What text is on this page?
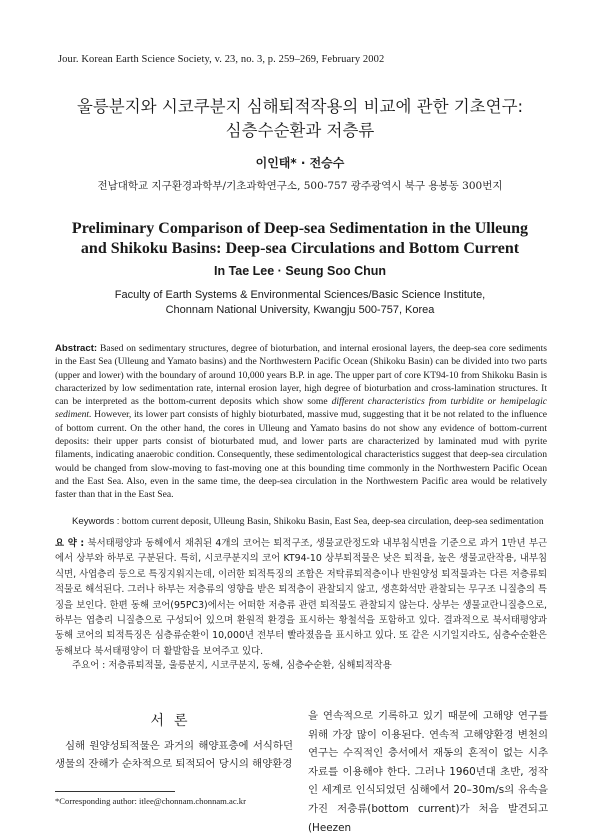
Jour. Korean Earth Science Society, v. 23, no. 3, p. 259–269, February 2002
울릉분지와 시코쿠분지 심해퇴적작용의 비교에 관한 기초연구:
심층수순환과 저층류
이인태* · 전승수
전남대학교 지구환경과학부/기초과학연구소, 500-757 광주광역시 북구 용봉동 300번지
Preliminary Comparison of Deep-sea Sedimentation in the Ulleung
and Shikoku Basins: Deep-sea Circulations and Bottom Current
In Tae Lee · Seung Soo Chun
Faculty of Earth Systems & Environmental Sciences/Basic Science Institute,
Chonnam National University, Kwangju 500-757, Korea
Abstract: Based on sedimentary structures, degree of bioturbation, and internal erosional layers, the deep-sea core sediments in the East Sea (Ulleung and Yamato basins) and the Northwestern Pacific Ocean (Shikoku Basin) can be divided into two parts (upper and lower) with the boundary of around 10,000 years B.P. in age. The upper part of core KT94-10 from Shikoku Basin is characterized by low sedimentation rate, internal erosion layer, high degree of bioturbation and cross-lamination structures. It can be interpreted as the bottom-current deposits which show some different characteristics from turbidite or hemipelagic sediment. However, its lower part consists of highly bioturbated, massive mud, suggesting that it be not related to the influence of bottom current. On the other hand, the cores in Ulleung and Yamato basins do not show any evidence of bottom-current deposits: their upper parts consist of bioturbated mud, and lower parts are characterized by laminated mud with pyrite filaments, indicating anaerobic condition. Consequently, these sedimentological characteristics suggest that deep-sea circulation would be changed from slow-moving to fast-moving one at this bounding time commonly in the Northwestern Pacific Ocean and the East Sea. Also, even in the same time, the deep-sea circulation in the Northwestern Pacific area would be relatively faster than that in the East Sea.
Keywords : bottom current deposit, Ulleung Basin, Shikoku Basin, East Sea, deep-sea circulation, deep-sea sedimentation
요 약 : 북서태평양과 동해에서 채취된 4개의 코어는 퇴적구조, 생물교란정도와 내부침식면을 기준으로 과거 1만년 부근에서 상부와 하부로 구분된다. 특히, 시코쿠분지의 코어 KT94-10 상부퇴적물은 낮은 퇴적율, 높은 생물교란작용, 내부침식면, 사엽층리 등으로 특징지워지는데, 이러한 퇴적특징의 조합은 저탁류퇴적층이나 반원양성 퇴적물과는 다른 저층류퇴적물로 해석된다. 그러나 하부는 저층류의 영향을 받은 퇴적층이 관찰되지 않고, 생흔화석만 관찰되는 무구조 니질층의 특징을 보인다. 한편 동해 코어(95PC3)에서는 어떠한 저층류 관련 퇴적물도 관찰되지 않는다. 상부는 생물교란니질층으로, 하부는 엽층리 니질층으로 구성되어 있으며 환원적 환경을 표시하는 황철석을 포함하고 있다. 결과적으로 북서태평양과 동해 코어의 퇴적특징은 심층류순환이 10,000년 전부터 빨라졌음을 표시하고 있다. 또 같은 시기일지라도, 심층수순환은 동해보다 북서태평양이 더 활발함을 보여주고 있다.
주요어 : 저층류퇴적물, 울릉분지, 시코쿠분지, 동해, 심층수순환, 심해퇴적작용
서론

심해 원양성퇴적물은 과거의 해양표층에 서식하던 생물의 잔해가 순차적으로 퇴적되어 당시의 해양환경

을 연속적으로 기록하고 있기 때문에 고해양 연구를 위해 가장 많이 이용된다. 연속적 고해양환경 변천의 연구는 수직적인 층서에서 재동의 흔적이 없는 시추자료를 이용해야 한다. 그러나 1960년대 초반, 정작인 세계로 인식되었던 심해에서 20–30m/s의 유속을 가진 저층류(bottom current)가 처음 발견되고(Heezen

*Corresponding author: itlee@chonnam.chonnam.ac.kr
